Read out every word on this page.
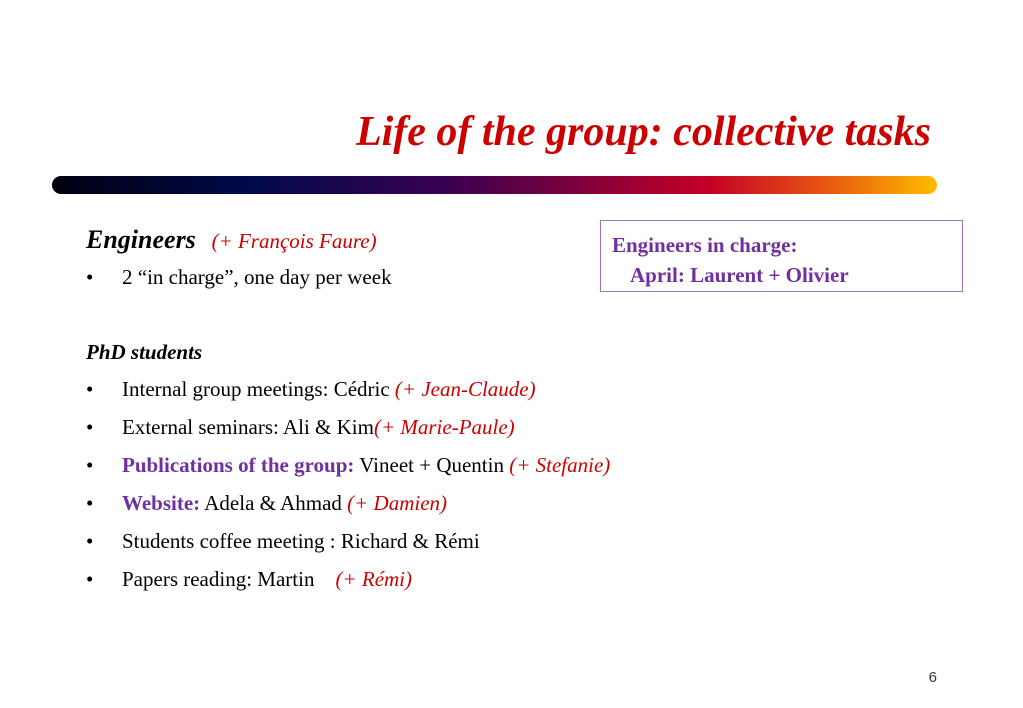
Life of the group: collective tasks
Engineers in charge:
April: Laurent + Olivier
Engineers (+ François Faure)
• 2 “in charge”, one day per week
PhD students
• Internal group meetings: Cédric (+ Jean-Claude)
• External seminars: Ali & Kim(+ Marie-Paule)
• Publications of the group: Vineet + Quentin (+ Stefanie)
• Website: Adela & Ahmad (+ Damien)
• Students coffee meeting : Richard & Rémi
• Papers reading: Martin    (+ Rémi)
6
